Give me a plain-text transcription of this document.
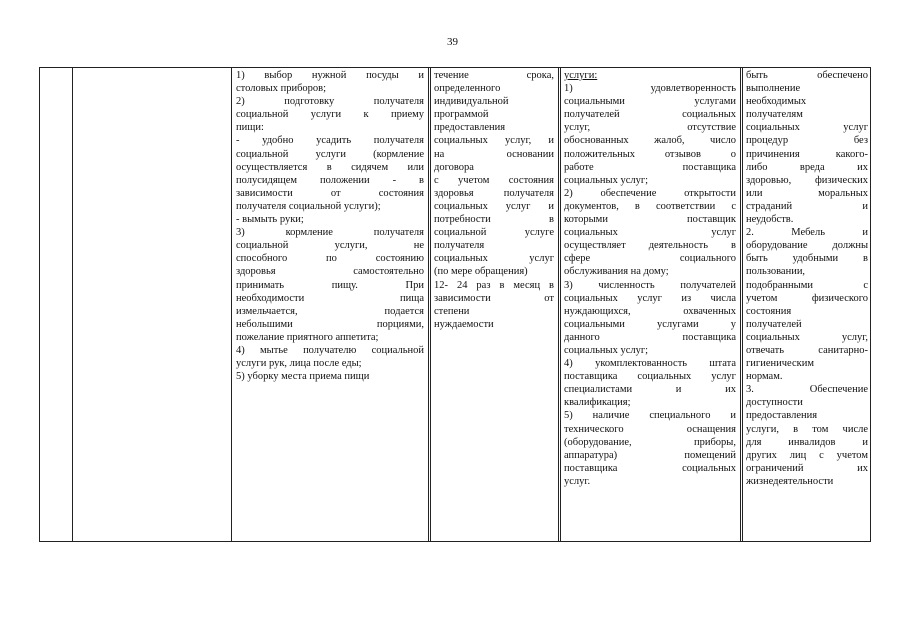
39
1) выбор нужной посуды и
столовых приборов;
2) подготовку получателя
социальной услуги к приему
пищи:
- удобно усадить получателя
социальной услуги (кормление
осуществляется в сидячем или
полусидящем положении - в
зависимости от состояния
получателя социальной услуги);
- вымыть руки;
3) кормление получателя
социальной услуги, не
способного по состоянию
здоровья самостоятельно
принимать пищу. При
необходимости пища
измельчается, подается
небольшими порциями,
пожелание приятного аппетита;
4) мытье получателю социальной
услуги рук, лица после еды;
5) уборку места приема пищи
течение срока,
определенного
индивидуальной
программой
предоставления
социальных услуг, и
на основании
договора
с учетом состояния
здоровья получателя
социальных услуг и
потребности в
социальной услуге
получателя
социальных услуг
(по мере обращения)
12- 24 раз в месяц в
зависимости от
степени
нуждаемости
услуги:
1) удовлетворенность
социальными услугами
получателей социальных
услуг, отсутствие
обоснованных жалоб, число
положительных отзывов о
работе поставщика
социальных услуг;
2) обеспечение открытости
документов, в соответствии с
которыми поставщик
социальных услуг
осуществляет деятельность в
сфере социального
обслуживания на дому;
3) численность получателей
социальных услуг из числа
нуждающихся, охваченных
социальными услугами у
данного поставщика
социальных услуг;
4) укомплектованность штата
поставщика социальных услуг
специалистами и их
квалификация;
5) наличие специального и
технического оснащения
(оборудование, приборы,
аппаратура) помещений
поставщика социальных
услуг.
быть обеспечено
выполнение
необходимых
получателям
социальных услуг
процедур без
причинения какого-
либо вреда их
здоровью, физических
или моральных
страданий и
неудобств.
2. Мебель и
оборудование должны
быть удобными в
пользовании,
подобранными с
учетом физического
состояния
получателей
социальных услуг,
отвечать санитарно-
гигиеническим
нормам.
3. Обеспечение
доступности
предоставления
услуги, в том числе
для инвалидов и
других лиц с учетом
ограничений их
жизнедеятельности
